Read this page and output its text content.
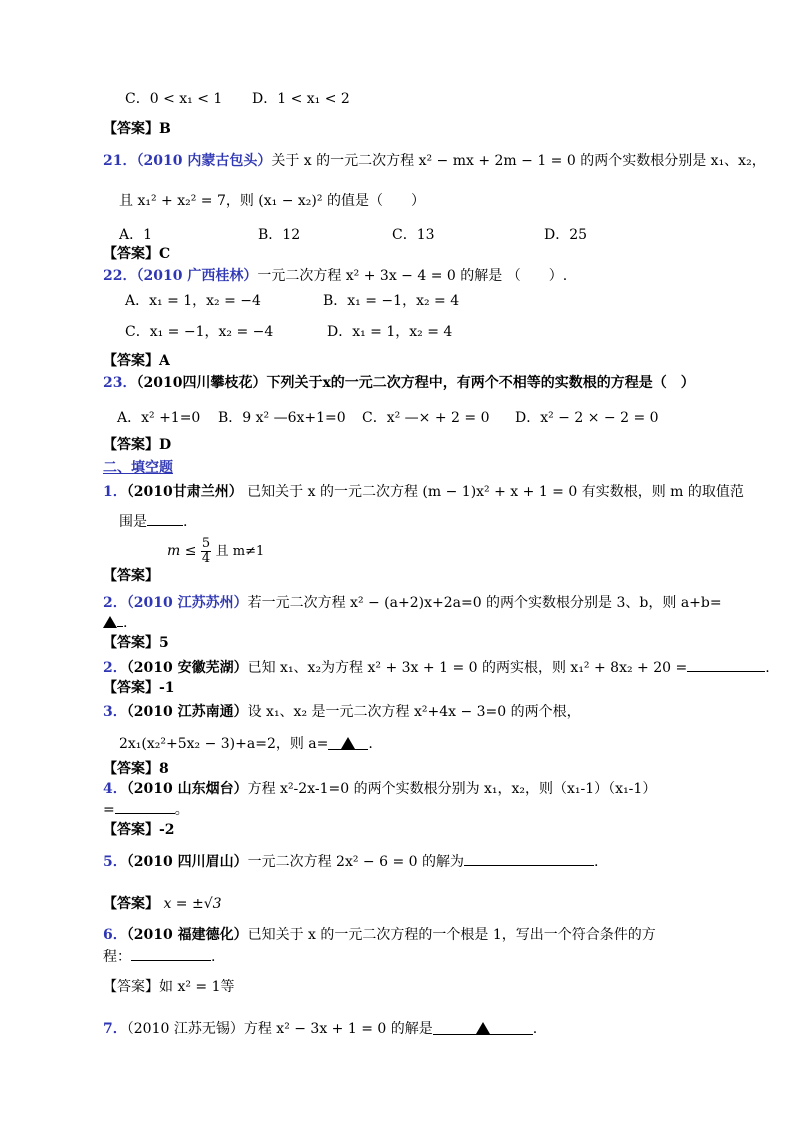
C．0 < x₁ < 1 D．1 < x₁ < 2
【答案】B
21．（2010 内蒙古包头）关于 x 的一元二次方程 x² − mx + 2m − 1 = 0 的两个实数根分别是 x₁、x₂，
且 x₁² + x₂² = 7，则 (x₁ − x₂)² 的值是（　　）
A．1	B．12	C．13	D．25
【答案】C
22．（2010 广西桂林）一元二次方程 x² + 3x − 4 = 0 的解是 （　　）.
A．x₁ = 1，x₂ = −4	B．x₁ = −1，x₂ = 4
C．x₁ = −1，x₂ = −4	D．x₁ = 1，x₂ = 4
【答案】A
23．（2010四川攀枝花）下列关于x的一元二次方程中，有两个不相等的实数根的方程是（　）
A．x² +1=0 B．9 x² —6x+1=0 C．x² —× + 2 = 0 D．x² − 2 × − 2 = 0
【答案】D
二、填空题
1．（2010甘肃兰州） 已知关于 x 的一元二次方程 (m − 1)x² + x + 1 = 0 有实数根，则 m 的取值范
围是	.
$m \le \frac{5}{4}$ 且 m≠1
【答案】
2．（2010 江苏苏州）若一元二次方程 x² − (a+2)x+2a=0 的两个实数根分别是 3、b，则 a+b=
.
【答案】5
2．（2010 安徽芜湖）已知 x₁、x₂为方程 x² + 3x + 1 = 0 的两实根，则 x₁² + 8x₂ + 20 =	.
【答案】-1
3．（2010 江苏南通）设 x₁、x₂ 是一元二次方程 x²+4x − 3=0 的两个根，
2x₁(x₂²+5x₂ − 3)+a=2，则 a=	.
【答案】8
4．（2010 山东烟台）方程 x²-2x-1=0 的两个实数根分别为 x₁，x₂，则（x₁-1）（x₁-1）
=	。
【答案】-2
5．（2010 四川眉山）一元二次方程 2x² − 6 = 0 的解为	.
【答案】 x = ±√3
6．（2010 福建德化）已知关于 x 的一元二次方程的一个根是 1，写出一个符合条件的方
程：	.
【答案】如 x² = 1等
7．（2010 江苏无锡）方程 x² − 3x + 1 = 0 的解是	.
